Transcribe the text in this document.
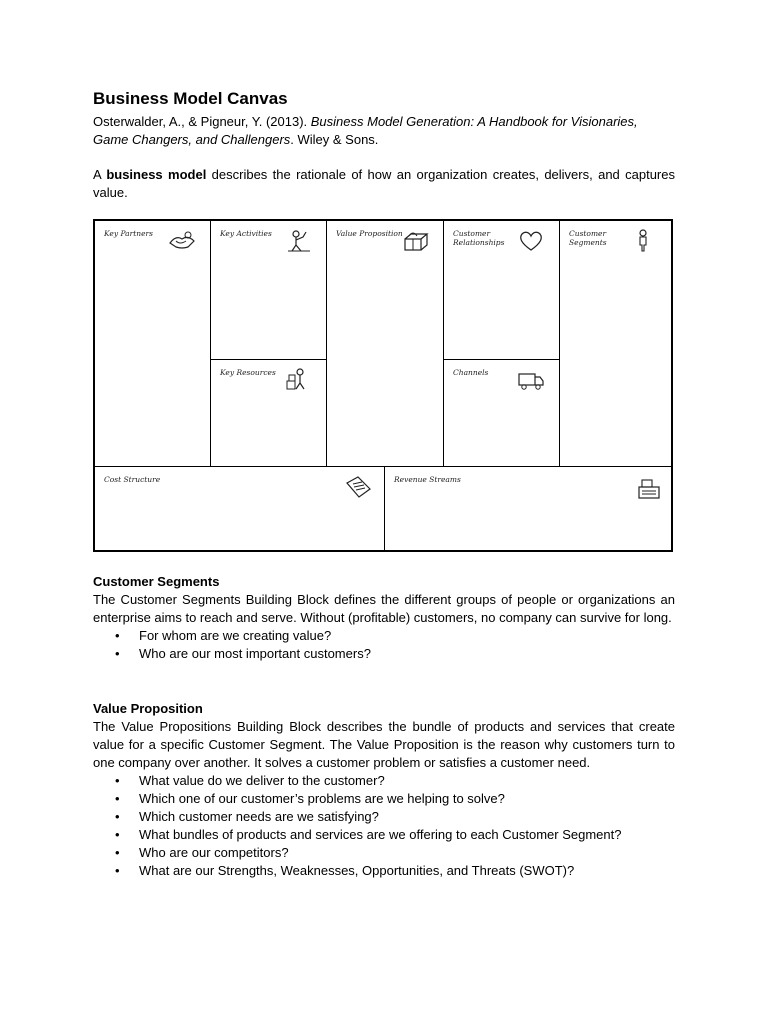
Business Model Canvas

Osterwalder, A., & Pigneur, Y. (2013). Business Model Generation: A Handbook for Visionaries, Game Changers, and Challengers. Wiley & Sons.

A business model describes the rationale of how an organization creates, delivers, and captures value.

Key Partners	Key Activities
Key Resources
Value Proposition	Customer Relationships
Channels
Customer Segments
Cost Structure	Revenue Streams
Customer Segments

The Customer Segments Building Block defines the different groups of people or organizations an enterprise aims to reach and serve. Without (profitable) customers, no company can survive for long.

• For whom are we creating value?
• Who are our most important customers?
Value Proposition

The Value Propositions Building Block describes the bundle of products and services that create value for a specific Customer Segment. The Value Proposition is the reason why customers turn to one company over another. It solves a customer problem or satisfies a customer need.

• What value do we deliver to the customer?
• Which one of our customer’s problems are we helping to solve?
• Which customer needs are we satisfying?
• What bundles of products and services are we offering to each Customer Segment?
• Who are our competitors?
• What are our Strengths, Weaknesses, Opportunities, and Threats (SWOT)?
